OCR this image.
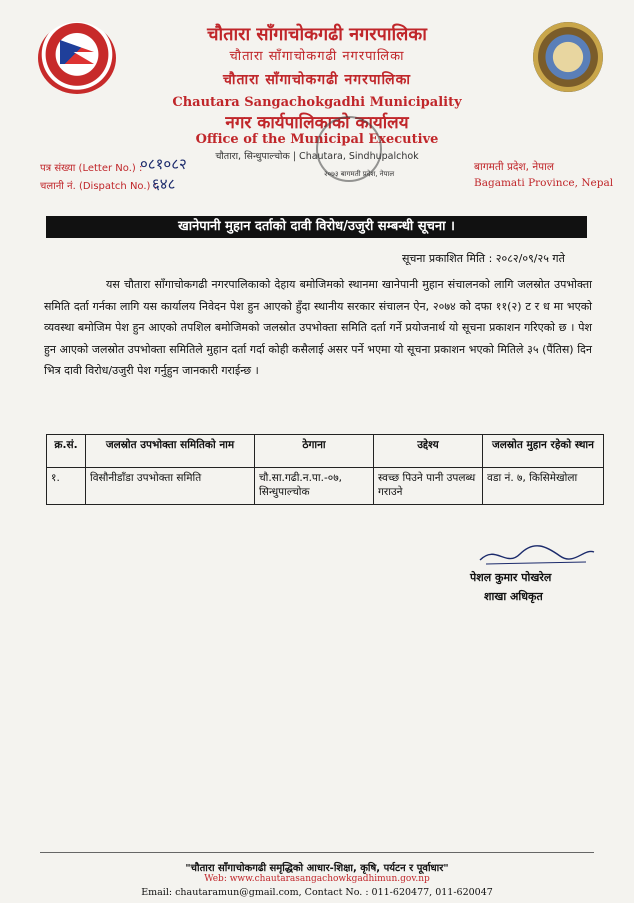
चौतारा साँगाचोकगढी नगरपालिका
चौतारा साँगाचोकगढी नगरपालिका
चौतारा साँगाचोकगढी नगरपालिका
Chautara Sangachokgadhi Municipality
नगर कार्यपालिकाको कार्यालय
Office of the Municipal Executive
चौतारा, सिन्धुपाल्चोक | Chautara, Sindhupalchok
२०७३ बागमती प्रदेश, नेपाल
पत्र संख्या (Letter No.) :
०८१०८२
चलानी नं. (Dispatch No.) :
६४८
बागमती प्रदेश, नेपाल
Bagamati Province, Nepal
खानेपानी मुहान दर्ताको दावी विरोध/उजुरी सम्बन्धी सूचना ।
सूचना प्रकाशित मिति : २०८२/०९/२५ गते
यस चौतारा साँगाचोकगढी नगरपालिकाको देहाय बमोजिमको स्थानमा खानेपानी मुहान संचालनको लागि जलस्रोत उपभोक्ता समिति दर्ता गर्नका लागि यस कार्यालय निवेदन पेश हुन आएको हुँदा स्थानीय सरकार संचालन ऐन, २०७४ को दफा ११(२) ट र ध मा भएको व्यवस्था बमोजिम पेश हुन आएको तपशिल बमोजिमको जलस्रोत उपभोक्ता समिति दर्ता गर्ने प्रयोजनार्थ यो सूचना प्रकाशन गरिएको छ । पेश हुन आएको जलस्रोत उपभोक्ता समितिले मुहान दर्ता गर्दा कोही कसैलाई असर पर्ने भएमा यो सूचना प्रकाशन भएको मितिले ३५ (पैंतिस) दिन भित्र दावी विरोध/उजुरी पेश गर्नुहुन जानकारी गराईन्छ ।
क्र.सं.	जलस्रोत उपभोक्ता समितिको नाम	ठेगाना	उद्देश्य	जलस्रोत मुहान रहेको स्थान
१.	विसौनीडाँडा उपभोक्ता समिति	चौ.सा.गढी.न.पा.-०७, सिन्धुपाल्चोक	स्वच्छ पिउने पानी उपलब्ध गराउने	वडा नं. ७, किसिमेखोला
पेशल कुमार पोखरेल
शाखा अधिकृत
"चौतारा साँगाचोकगढी समृद्धिको आधार-शिक्षा, कृषि, पर्यटन र पूर्वाधार"
Web: www.chautarasangachowkgadhimun.gov.np
Email: chautaramun@gmail.com, Contact No. : 011-620477, 011-620047
